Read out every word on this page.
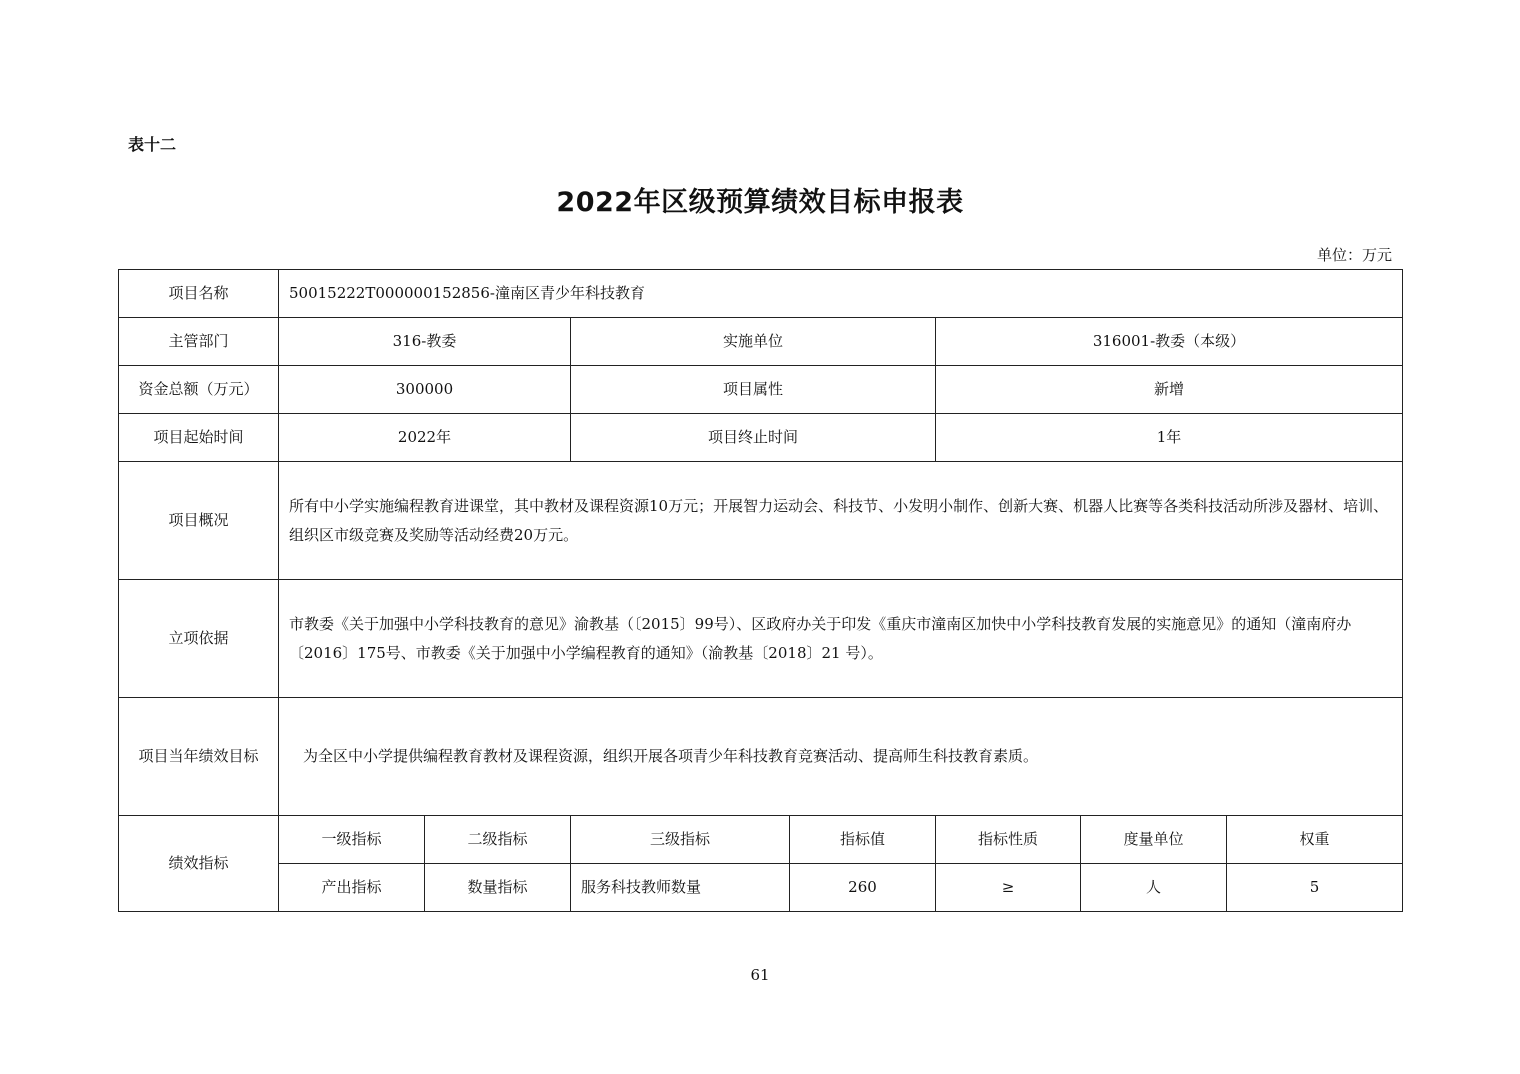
表十二
2022年区级预算绩效目标申报表
单位：万元
项目名称	50015222T000000152856-潼南区青少年科技教育						
主管部门	316-教委		实施单位		316001-教委（本级）		
资金总额（万元）	300000		项目属性		新增		
项目起始时间	2022年		项目终止时间		1年		
项目概况	所有中小学实施编程教育进课堂，其中教材及课程资源10万元；开展智力运动会、科技节、小发明小制作、创新大赛、机器人比赛等各类科技活动所涉及器材、培训、组织区市级竞赛及奖励等活动经费20万元。						
立项依据	市教委《关于加强中小学科技教育的意见》渝教基（〔2015〕99号）、区政府办关于印发《重庆市潼南区加快中小学科技教育发展的实施意见》的通知（潼南府办〔2016〕175号、市教委《关于加强中小学编程教育的通知》（渝教基〔2018〕21 号）。						
项目当年绩效目标	为全区中小学提供编程教育教材及课程资源，组织开展各项青少年科技教育竞赛活动、提高师生科技教育素质。						
绩效指标	一级指标	二级指标	三级指标	指标值	指标性质	度量单位	权重
	产出指标	数量指标	服务科技教师数量	260	≥	人	5
61
